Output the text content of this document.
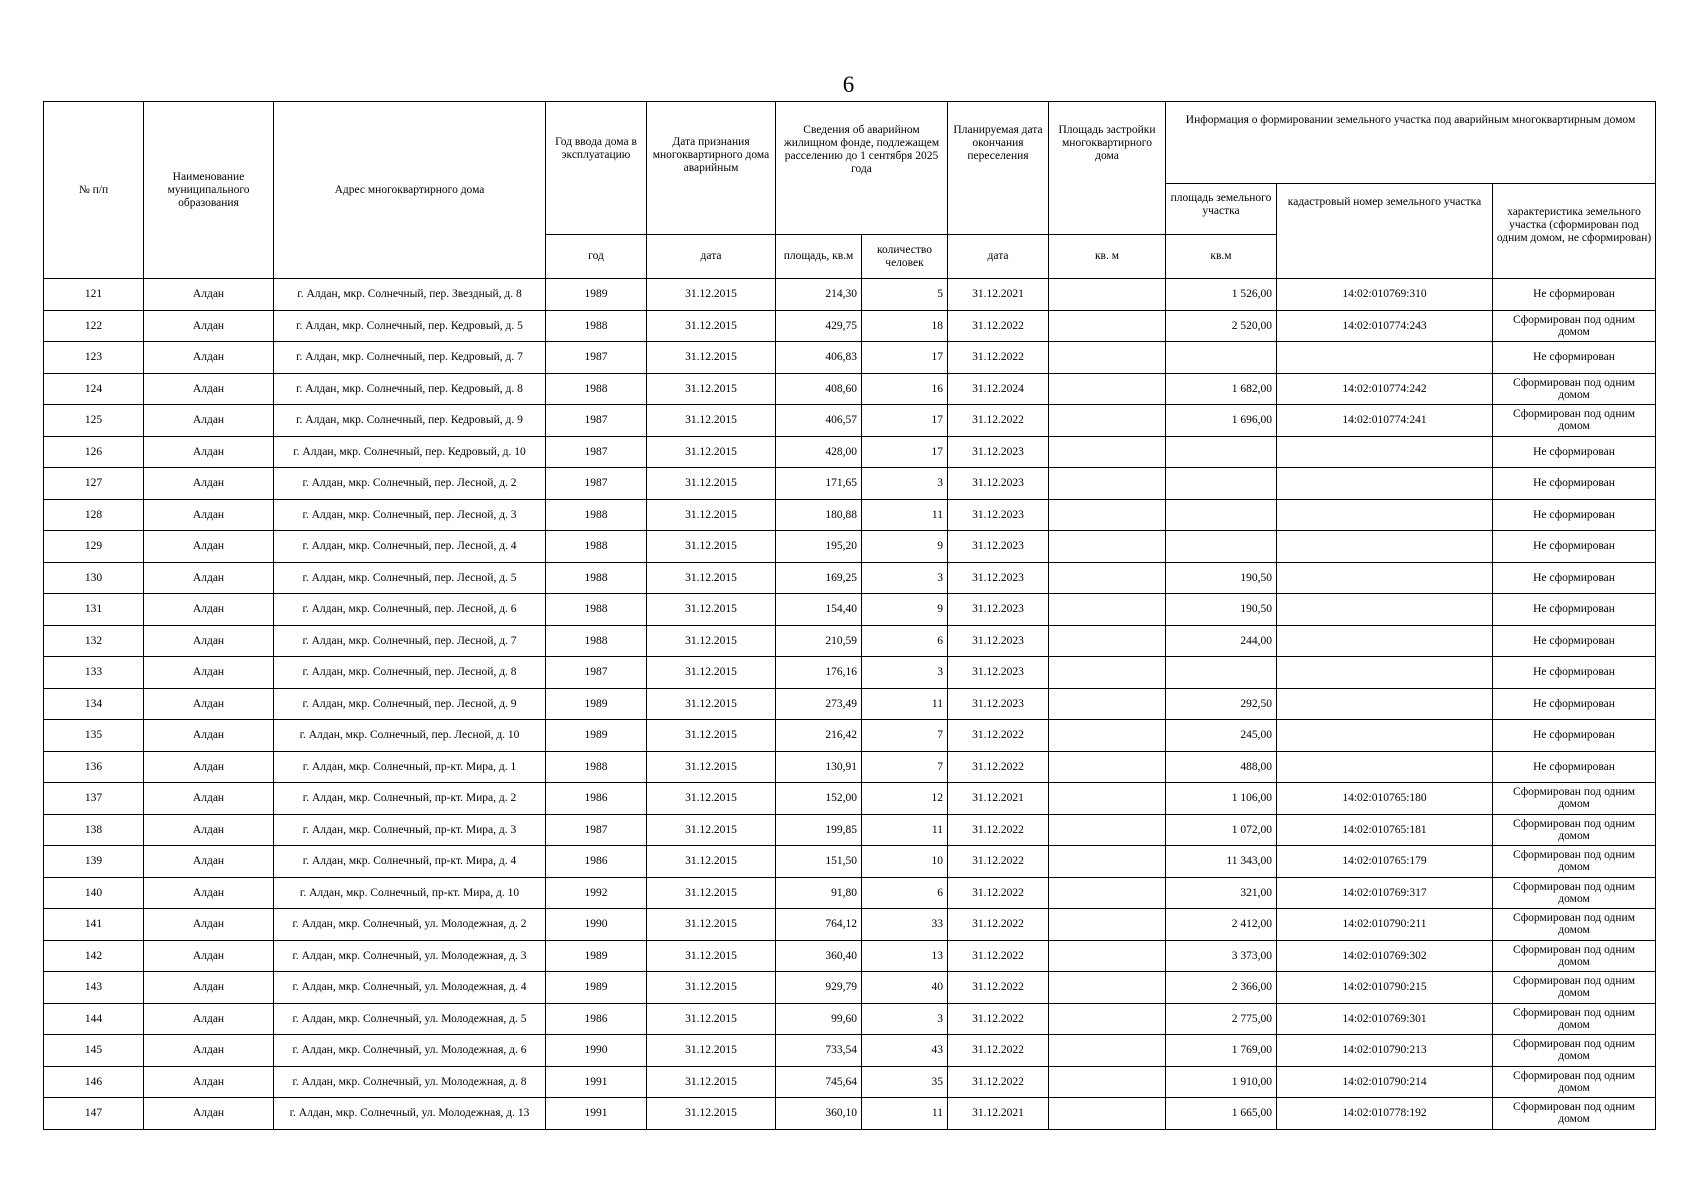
6
№ п/п	Наименование муниципального образования	Адрес многоквартирного дома	Год ввода дома в эксплуатацию	Дата признания многоквартирного дома аварийным	Сведения об аварийном жилищном фонде, подлежащем расселению до 1 сентября 2025 года		Планируемая дата окончания переселения	Площадь застройки многоквартирного дома	Информация о формировании земельного участка под аварийным многоквартирным домом		
									площадь земельного участка	кадастровый номер земельного участка	характеристика земельного участка (сформирован под одним домом, не сформирован)
			год	дата	площадь, кв.м	количество человек	дата	кв. м	кв.м		
121	Алдан	г. Алдан, мкр. Солнечный, пер. Звездный, д. 8	1989	31.12.2015	214,30	5	31.12.2021		1 526,00	14:02:010769:310	Не сформирован
122	Алдан	г. Алдан, мкр. Солнечный, пер. Кедровый, д. 5	1988	31.12.2015	429,75	18	31.12.2022		2 520,00	14:02:010774:243	Сформирован под одним домом
123	Алдан	г. Алдан, мкр. Солнечный, пер. Кедровый, д. 7	1987	31.12.2015	406,83	17	31.12.2022				Не сформирован
124	Алдан	г. Алдан, мкр. Солнечный, пер. Кедровый, д. 8	1988	31.12.2015	408,60	16	31.12.2024		1 682,00	14:02:010774:242	Сформирован под одним домом
125	Алдан	г. Алдан, мкр. Солнечный, пер. Кедровый, д. 9	1987	31.12.2015	406,57	17	31.12.2022		1 696,00	14:02:010774:241	Сформирован под одним домом
126	Алдан	г. Алдан, мкр. Солнечный, пер. Кедровый, д. 10	1987	31.12.2015	428,00	17	31.12.2023				Не сформирован
127	Алдан	г. Алдан, мкр. Солнечный, пер. Лесной, д. 2	1987	31.12.2015	171,65	3	31.12.2023				Не сформирован
128	Алдан	г. Алдан, мкр. Солнечный, пер. Лесной, д. 3	1988	31.12.2015	180,88	11	31.12.2023				Не сформирован
129	Алдан	г. Алдан, мкр. Солнечный, пер. Лесной, д. 4	1988	31.12.2015	195,20	9	31.12.2023				Не сформирован
130	Алдан	г. Алдан, мкр. Солнечный, пер. Лесной, д. 5	1988	31.12.2015	169,25	3	31.12.2023		190,50		Не сформирован
131	Алдан	г. Алдан, мкр. Солнечный, пер. Лесной, д. 6	1988	31.12.2015	154,40	9	31.12.2023		190,50		Не сформирован
132	Алдан	г. Алдан, мкр. Солнечный, пер. Лесной, д. 7	1988	31.12.2015	210,59	6	31.12.2023		244,00		Не сформирован
133	Алдан	г. Алдан, мкр. Солнечный, пер. Лесной, д. 8	1987	31.12.2015	176,16	3	31.12.2023				Не сформирован
134	Алдан	г. Алдан, мкр. Солнечный, пер. Лесной, д. 9	1989	31.12.2015	273,49	11	31.12.2023		292,50		Не сформирован
135	Алдан	г. Алдан, мкр. Солнечный, пер. Лесной, д. 10	1989	31.12.2015	216,42	7	31.12.2022		245,00		Не сформирован
136	Алдан	г. Алдан, мкр. Солнечный, пр-кт. Мира, д. 1	1988	31.12.2015	130,91	7	31.12.2022		488,00		Не сформирован
137	Алдан	г. Алдан, мкр. Солнечный, пр-кт. Мира, д. 2	1986	31.12.2015	152,00	12	31.12.2021		1 106,00	14:02:010765:180	Сформирован под одним домом
138	Алдан	г. Алдан, мкр. Солнечный, пр-кт. Мира, д. 3	1987	31.12.2015	199,85	11	31.12.2022		1 072,00	14:02:010765:181	Сформирован под одним домом
139	Алдан	г. Алдан, мкр. Солнечный, пр-кт. Мира, д. 4	1986	31.12.2015	151,50	10	31.12.2022		11 343,00	14:02:010765:179	Сформирован под одним домом
140	Алдан	г. Алдан, мкр. Солнечный, пр-кт. Мира, д. 10	1992	31.12.2015	91,80	6	31.12.2022		321,00	14:02:010769:317	Сформирован под одним домом
141	Алдан	г. Алдан, мкр. Солнечный, ул. Молодежная, д. 2	1990	31.12.2015	764,12	33	31.12.2022		2 412,00	14:02:010790:211	Сформирован под одним домом
142	Алдан	г. Алдан, мкр. Солнечный, ул. Молодежная, д. 3	1989	31.12.2015	360,40	13	31.12.2022		3 373,00	14:02:010769:302	Сформирован под одним домом
143	Алдан	г. Алдан, мкр. Солнечный, ул. Молодежная, д. 4	1989	31.12.2015	929,79	40	31.12.2022		2 366,00	14:02:010790:215	Сформирован под одним домом
144	Алдан	г. Алдан, мкр. Солнечный, ул. Молодежная, д. 5	1986	31.12.2015	99,60	3	31.12.2022		2 775,00	14:02:010769:301	Сформирован под одним домом
145	Алдан	г. Алдан, мкр. Солнечный, ул. Молодежная, д. 6	1990	31.12.2015	733,54	43	31.12.2022		1 769,00	14:02:010790:213	Сформирован под одним домом
146	Алдан	г. Алдан, мкр. Солнечный, ул. Молодежная, д. 8	1991	31.12.2015	745,64	35	31.12.2022		1 910,00	14:02:010790:214	Сформирован под одним домом
147	Алдан	г. Алдан, мкр. Солнечный, ул. Молодежная, д. 13	1991	31.12.2015	360,10	11	31.12.2021		1 665,00	14:02:010778:192	Сформирован под одним домом
